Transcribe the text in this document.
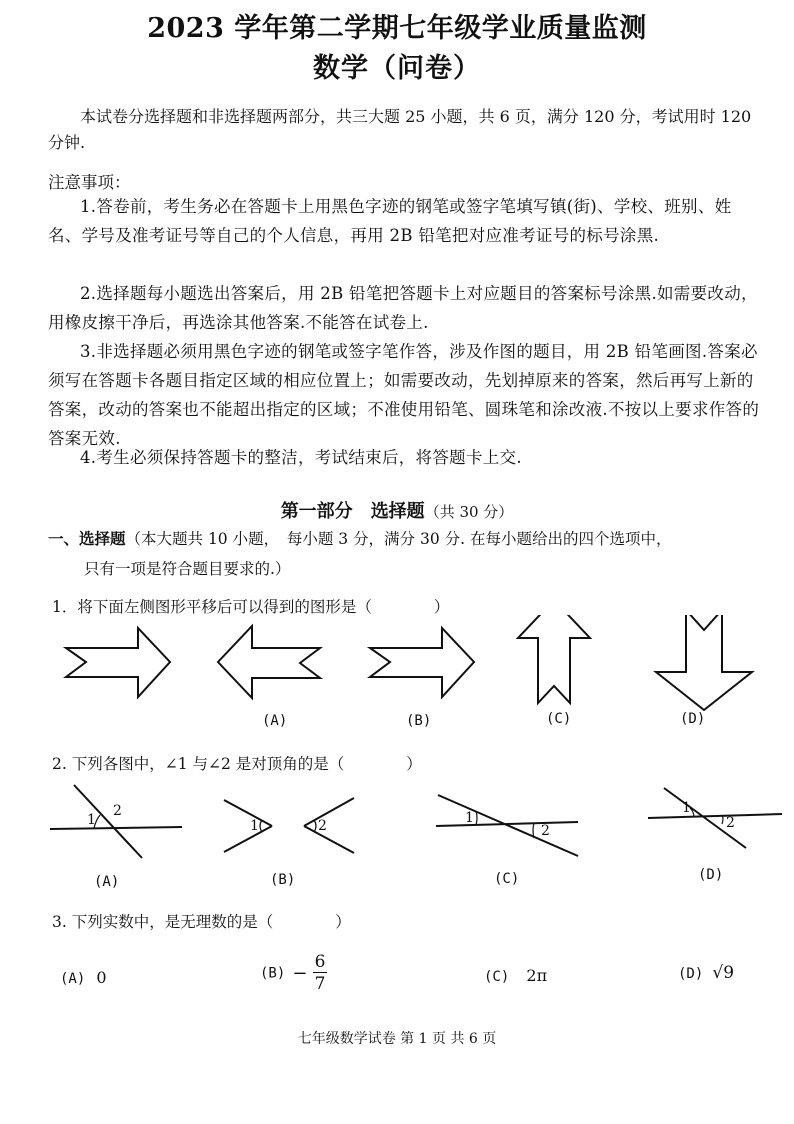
2023 学年第二学期七年级学业质量监测
数学（问卷）
本试卷分选择题和非选择题两部分，共三大题 25 小题，共 6 页，满分 120 分，考试用时 120 分钟.
注意事项：
1.答卷前，考生务必在答题卡上用黑色字迹的钢笔或签字笔填写镇(街)、学校、班别、姓名、学号及准考证号等自己的个人信息，再用 2B 铅笔把对应准考证号的标号涂黑.
2.选择题每小题选出答案后，用 2B 铅笔把答题卡上对应题目的答案标号涂黑.如需要改动，用橡皮擦干净后，再选涂其他答案.不能答在试卷上.
3.非选择题必须用黑色字迹的钢笔或签字笔作答，涉及作图的题目，用 2B 铅笔画图.答案必须写在答题卡各题目指定区域的相应位置上；如需要改动，先划掉原来的答案，然后再写上新的答案，改动的答案也不能超出指定的区域；不准使用铅笔、圆珠笔和涂改液.不按以上要求作答的答案无效.
4.考生必须保持答题卡的整洁，考试结束后，将答题卡上交.
第一部分 选择题（共 30 分）
一、选择题（本大题共 10 小题，　每小题 3 分，满分 30 分. 在每小题给出的四个选项中，
只有一项是符合题目要求的.）
1．将下面左侧图形平移后可以得到的图形是（　　　　）
(A)	(B)	(C)	(D)
2. 下列各图中，∠1 与∠2 是对顶角的是（　　　　）
1
2
1	2	1
2
1
2
(A)	(B)	(C)	(D)
3. 下列实数中，是无理数的是（　　　　）
(A) 0	$(B) - \frac{6}{7}$	(C) 2π	(D) √9
七年级数学试卷 第 1 页 共 6 页
